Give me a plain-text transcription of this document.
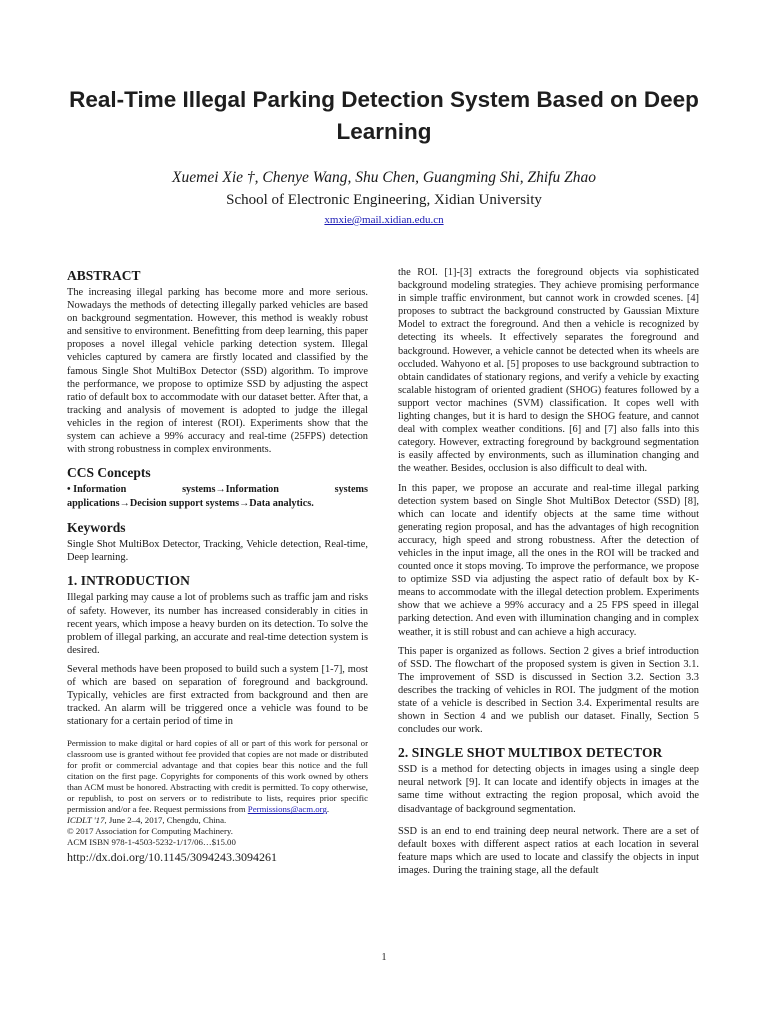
Real-Time Illegal Parking Detection System Based on Deep Learning
Xuemei Xie †, Chenye Wang, Shu Chen, Guangming Shi, Zhifu Zhao
School of Electronic Engineering, Xidian University
xmxie@mail.xidian.edu.cn
ABSTRACT

The increasing illegal parking has become more and more serious. Nowadays the methods of detecting illegally parked vehicles are based on background segmentation. However, this method is weakly robust and sensitive to environment. Benefitting from deep learning, this paper proposes a novel illegal vehicle parking detection system. Illegal vehicles captured by camera are firstly located and classified by the famous Single Shot MultiBox Detector (SSD) algorithm. To improve the performance, we propose to optimize SSD by adjusting the aspect ratio of default box to accommodate with our dataset better. After that, a tracking and analysis of movement is adopted to judge the illegal vehicles in the region of interest (ROI). Experiments show that the system can achieve a 99% accuracy and real-time (25FPS) detection with strong robustness in complex environments.

CCS Concepts
• Information	systems→Information	systems
applications→Decision support systems→Data analytics.
Keywords

Single Shot MultiBox Detector, Tracking, Vehicle detection, Real-time, Deep learning.

1. INTRODUCTION

Illegal parking may cause a lot of problems such as traffic jam and risks of safety. However, its number has increased considerably in cities in recent years, which impose a heavy burden on its detection. To solve the problem of illegal parking, an accurate and real-time detection system is desired.

Several methods have been proposed to build such a system [1-7], most of which are based on separation of foreground and background. Typically, vehicles are first extracted from background and then are tracked. An alarm will be triggered once a vehicle was found to be stationary for a certain period of time in

Permission to make digital or hard copies of all or part of this work for personal or classroom use is granted without fee provided that copies are not made or distributed for profit or commercial advantage and that copies bear this notice and the full citation on the first page. Copyrights for components of this work owned by others than ACM must be honored. Abstracting with credit is permitted. To copy otherwise, or republish, to post on servers or to redistribute to lists, requires prior specific permission and/or a fee. Request permissions from Permissions@acm.org.
ICDLT '17, June 2–4, 2017, Chengdu, China.
© 2017 Association for Computing Machinery.
ACM ISBN 978-1-4503-5232-1/17/06…$15.00
http://dx.doi.org/10.1145/3094243.3094261

the ROI. [1]-[3] extracts the foreground objects via sophisticated background modeling strategies. They achieve promising performance in simple traffic environment, but cannot work in crowded scenes. [4] proposes to subtract the background constructed by Gaussian Mixture Model to extract the foreground. And then a vehicle is recognized by detecting its wheels. It effectively separates the foreground and background. However, a vehicle cannot be detected when its wheels are occluded. Wahyono et al. [5] proposes to use background subtraction to obtain candidates of stationary regions, and verify a vehicle by exacting scalable histogram of oriented gradient (SHOG) features followed by a support vector machines (SVM) classification. It copes well with lighting changes, but it is hard to design the SHOG feature, and cannot deal with complex weather conditions. [6] and [7] also falls into this category. However, extracting foreground by background segmentation is easily affected by environments, such as illumination changing and the weather. Besides, occlusion is also difficult to deal with.

In this paper, we propose an accurate and real-time illegal parking detection system based on Single Shot MultiBox Detector (SSD) [8], which can locate and identify objects at the same time without generating region proposal, and has the advantages of high recognition accuracy, high speed and strong robustness. After the detection of vehicles in the input image, all the ones in the ROI will be tracked and counted once it stops moving. To improve the performance, we propose to optimize SSD via adjusting the aspect ratio of default box by K-means to accommodate with the illegal detection problem. Experiments show that we achieve a 99% accuracy and a 25 FPS speed in illegal parking detection. And even with illumination changing and in complex weather, it is still robust and can achieve a high accuracy.

This paper is organized as follows. Section 2 gives a brief introduction of SSD. The flowchart of the proposed system is given in Section 3.1. The improvement of SSD is discussed in Section 3.2. Section 3.3 describes the tracking of vehicles in ROI. The judgment of the motion state of a vehicle is described in Section 3.4. Experimental results are shown in Section 4 and we publish our dataset. Finally, Section 5 concludes our work.

2. SINGLE SHOT MULTIBOX DETECTOR

SSD is a method for detecting objects in images using a single deep neural network [9]. It can locate and identify objects in images at the same time without extracting the region proposal, which avoid the disadvantage of background segmentation.

SSD is an end to end training deep neural network. There are a set of default boxes with different aspect ratios at each location in several feature maps which are used to locate and classify the objects in input images. During the training stage, all the default

1
